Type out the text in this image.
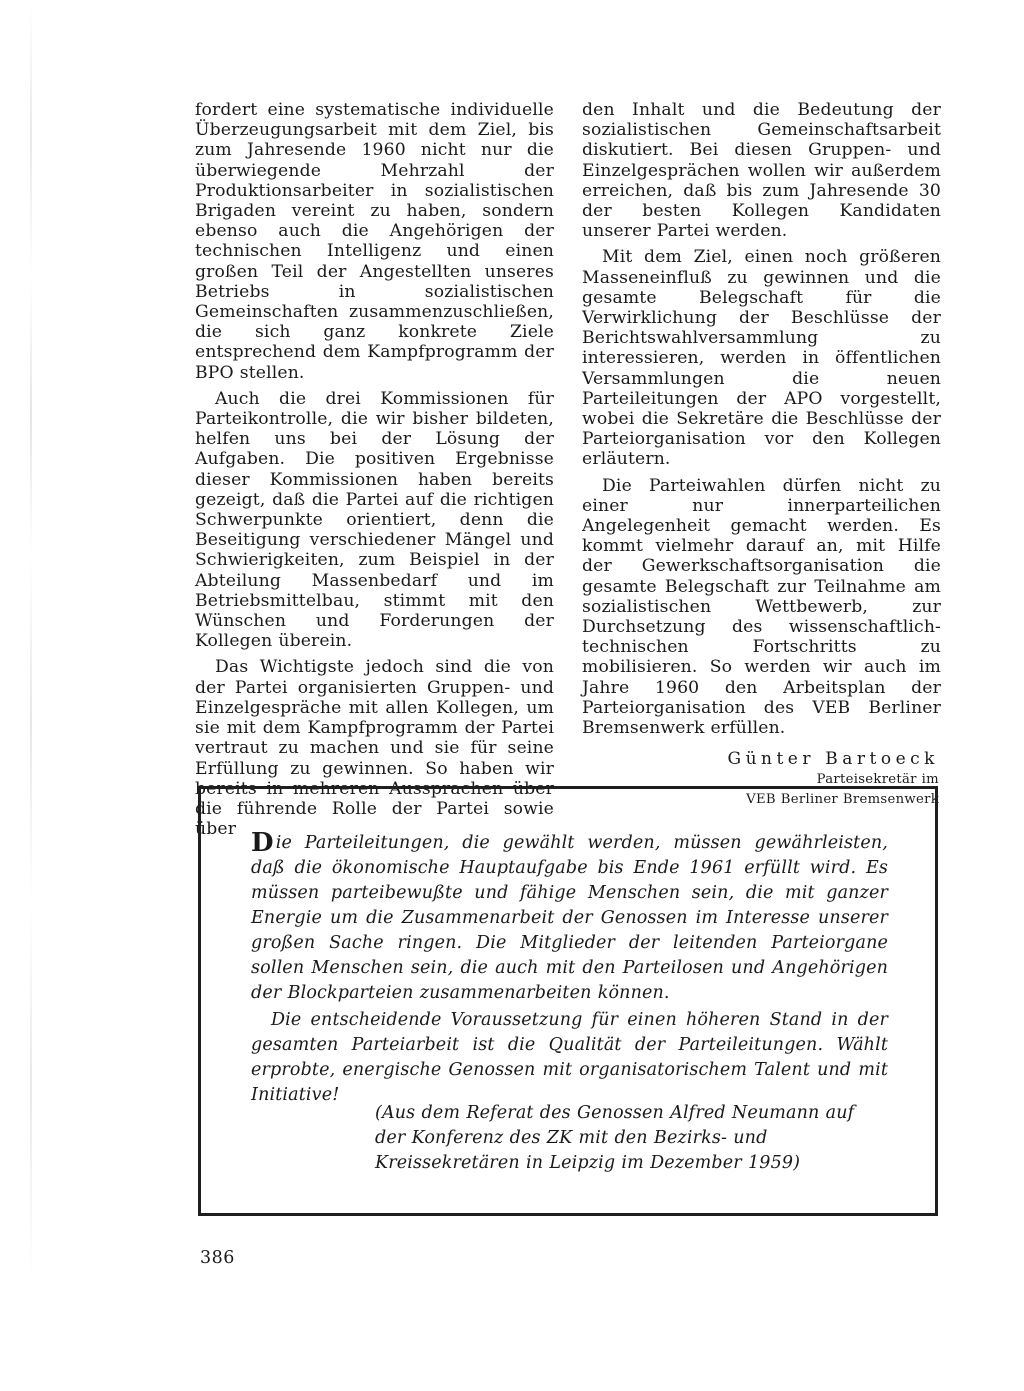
fordert eine systematische individuelle Überzeugungsarbeit mit dem Ziel, bis zum Jahresende 1960 nicht nur die überwiegende Mehrzahl der Produktionsarbeiter in sozialistischen Brigaden vereint zu haben, sondern ebenso auch die Angehörigen der technischen Intelligenz und einen großen Teil der Angestellten unseres Betriebs in sozialistischen Gemeinschaften zusammenzuschließen, die sich ganz konkrete Ziele entsprechend dem Kampfprogramm der BPO stellen.

Auch die drei Kommissionen für Parteikontrolle, die wir bisher bildeten, helfen uns bei der Lösung der Aufgaben. Die positiven Ergebnisse dieser Kommissionen haben bereits gezeigt, daß die Partei auf die richtigen Schwerpunkte orientiert, denn die Beseitigung verschiedener Mängel und Schwierigkeiten, zum Beispiel in der Abteilung Massenbedarf und im Betriebsmittelbau, stimmt mit den Wünschen und Forderungen der Kollegen überein.

Das Wichtigste jedoch sind die von der Partei organisierten Gruppen- und Einzelgespräche mit allen Kollegen, um sie mit dem Kampfprogramm der Partei vertraut zu machen und sie für seine Erfüllung zu gewinnen. So haben wir bereits in mehreren Aussprachen über die führende Rolle der Partei sowie über

den Inhalt und die Bedeutung der sozialistischen Gemeinschaftsarbeit diskutiert. Bei diesen Gruppen- und Einzelgesprächen wollen wir außerdem erreichen, daß bis zum Jahresende 30 der besten Kollegen Kandidaten unserer Partei werden.

Mit dem Ziel, einen noch größeren Masseneinfluß zu gewinnen und die gesamte Belegschaft für die Verwirklichung der Beschlüsse der Berichtswahlversammlung zu interessieren, werden in öffentlichen Versammlungen die neuen Parteileitungen der APO vorgestellt, wobei die Sekretäre die Beschlüsse der Parteiorganisation vor den Kollegen erläutern.

Die Parteiwahlen dürfen nicht zu einer nur innerparteilichen Angelegenheit gemacht werden. Es kommt vielmehr darauf an, mit Hilfe der Gewerkschaftsorganisation die gesamte Belegschaft zur Teilnahme am sozialistischen Wettbewerb, zur Durchsetzung des wissenschaftlich-technischen Fortschritts zu mobilisieren. So werden wir auch im Jahre 1960 den Arbeitsplan der Parteiorganisation des VEB Berliner Bremsenwerk erfüllen.

Günter Bartoeck
Parteisekretär im
VEB Berliner Bremsenwerk

D ie Parteileitungen, die gewählt werden, müssen gewährleisten, daß die ökonomische Hauptaufgabe bis Ende 1961 erfüllt wird. Es müssen parteibewußte und fähige Menschen sein, die mit ganzer Energie um die Zusammenarbeit der Genossen im Interesse unserer großen Sache ringen. Die Mitglieder der leitenden Parteiorgane sollen Menschen sein, die auch mit den Parteilosen und Angehörigen der Blockparteien zusammenarbeiten können.

Die entscheidende Voraussetzung für einen höheren Stand in der gesamten Parteiarbeit ist die Qualität der Parteileitungen. Wählt erprobte, energische Genossen mit organisatorischem Talent und mit Initiative!

(Aus dem Referat des Genossen Alfred Neumann auf der Konferenz des ZK mit den Bezirks- und Kreissekretären in Leipzig im Dezember 1959)
386
